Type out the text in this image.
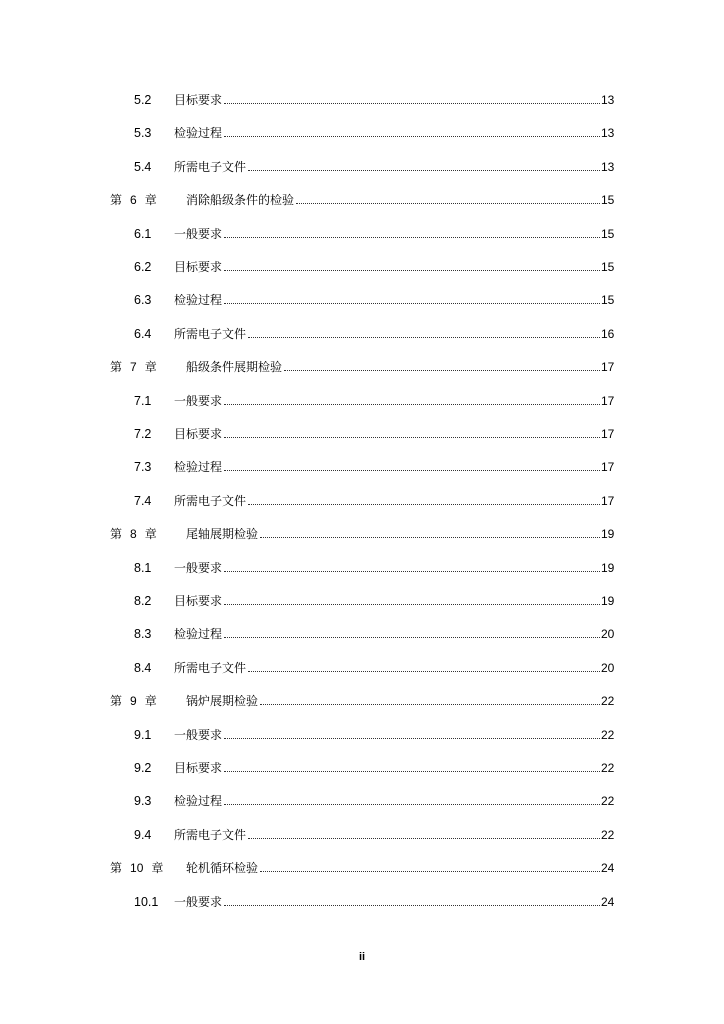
5.2	目标要求	13
5.3	检验过程	13
5.4	所需电子文件	13
第 6 章 消除船级条件的检验	15
6.1	一般要求	15
6.2	目标要求	15
6.3	检验过程	15
6.4	所需电子文件	16
第 7 章 船级条件展期检验	17
7.1	一般要求	17
7.2	目标要求	17
7.3	检验过程	17
7.4	所需电子文件	17
第 8 章 尾轴展期检验	19
8.1	一般要求	19
8.2	目标要求	19
8.3	检验过程	20
8.4	所需电子文件	20
第 9 章 锅炉展期检验	22
9.1	一般要求	22
9.2	目标要求	22
9.3	检验过程	22
9.4	所需电子文件	22
第 10 章 轮机循环检验	24
10.1	一般要求	24
ii
